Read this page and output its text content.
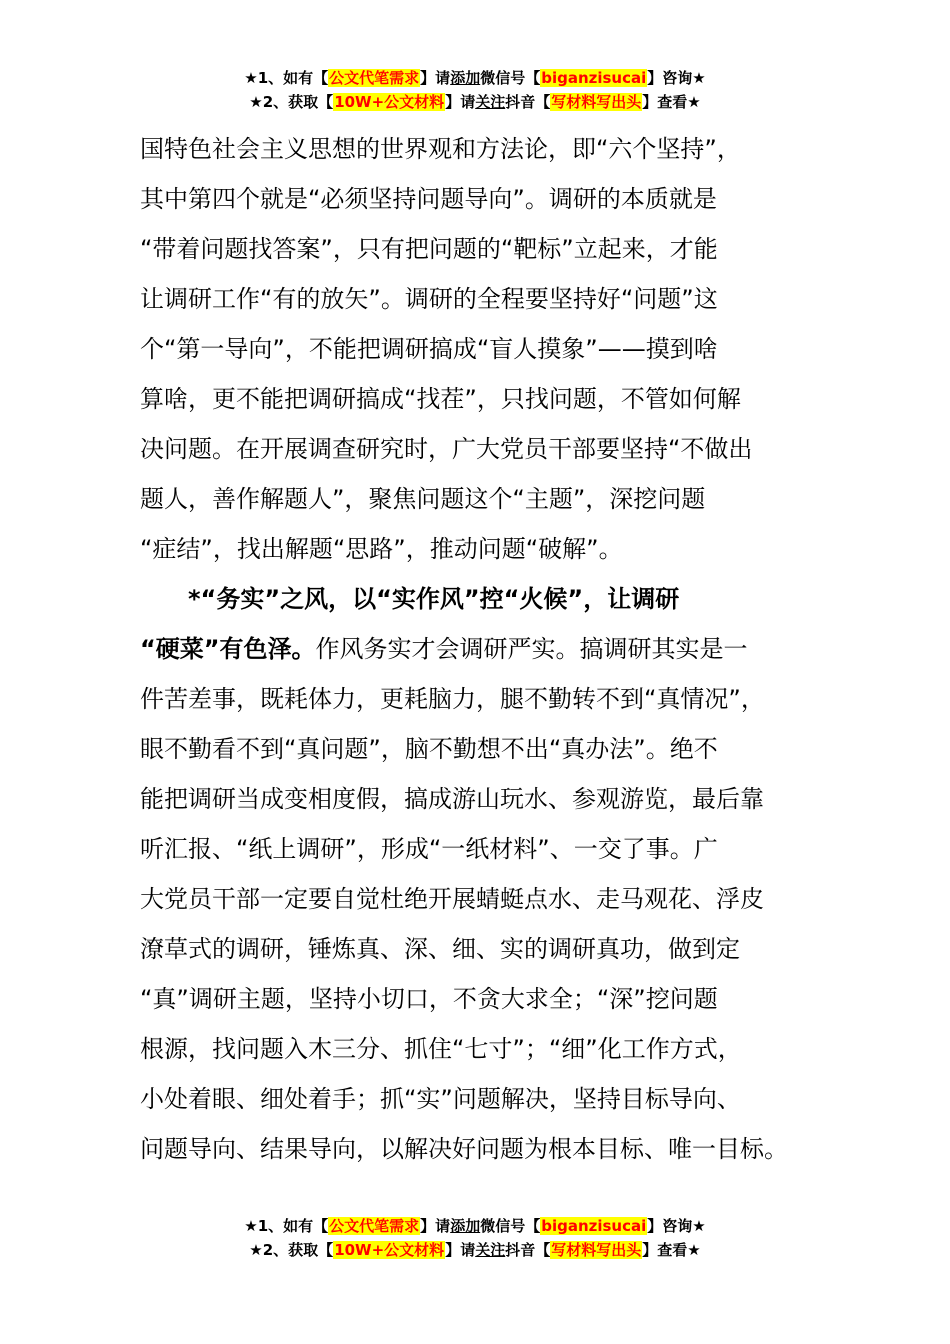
★1、如有【公文代笔需求】请添加微信号【biganzisucai】咨询★
★2、获取【10W+公文材料】请关注抖音【写材料写出头】查看★

国特色社会主义思想的世界观和方法论，即“六个坚持”，
其中第四个就是“必须坚持问题导向”。调研的本质就是
“带着问题找答案”，只有把问题的“靶标”立起来，才能
让调研工作“有的放矢”。调研的全程要坚持好“问题”这
个“第一导向”，不能把调研搞成“盲人摸象”——摸到啥
算啥，更不能把调研搞成“找茬”，只找问题，不管如何解
决问题。在开展调查研究时，广大党员干部要坚持“不做出
题人，善作解题人”，聚焦问题这个“主题”，深挖问题
“症结”，找出解题“思路”，推动问题“破解”。

*“务实”之风，以“实作风”控“火候”，让调研
“硬菜”有色泽。作风务实才会调研严实。搞调研其实是一
件苦差事，既耗体力，更耗脑力，腿不勤转不到“真情况”，
眼不勤看不到“真问题”，脑不勤想不出“真办法”。绝不
能把调研当成变相度假，搞成游山玩水、参观游览，最后靠
听汇报、“纸上调研”，形成“一纸材料”、一交了事。广
大党员干部一定要自觉杜绝开展蜻蜓点水、走马观花、浮皮
潦草式的调研，锤炼真、深、细、实的调研真功，做到定
“真”调研主题，坚持小切口，不贪大求全；“深”挖问题
根源，找问题入木三分、抓住“七寸”；“细”化工作方式，
小处着眼、细处着手；抓“实”问题解决，坚持目标导向、
问题导向、结果导向，以解决好问题为根本目标、唯一目标。

★1、如有【公文代笔需求】请添加微信号【biganzisucai】咨询★
★2、获取【10W+公文材料】请关注抖音【写材料写出头】查看★
